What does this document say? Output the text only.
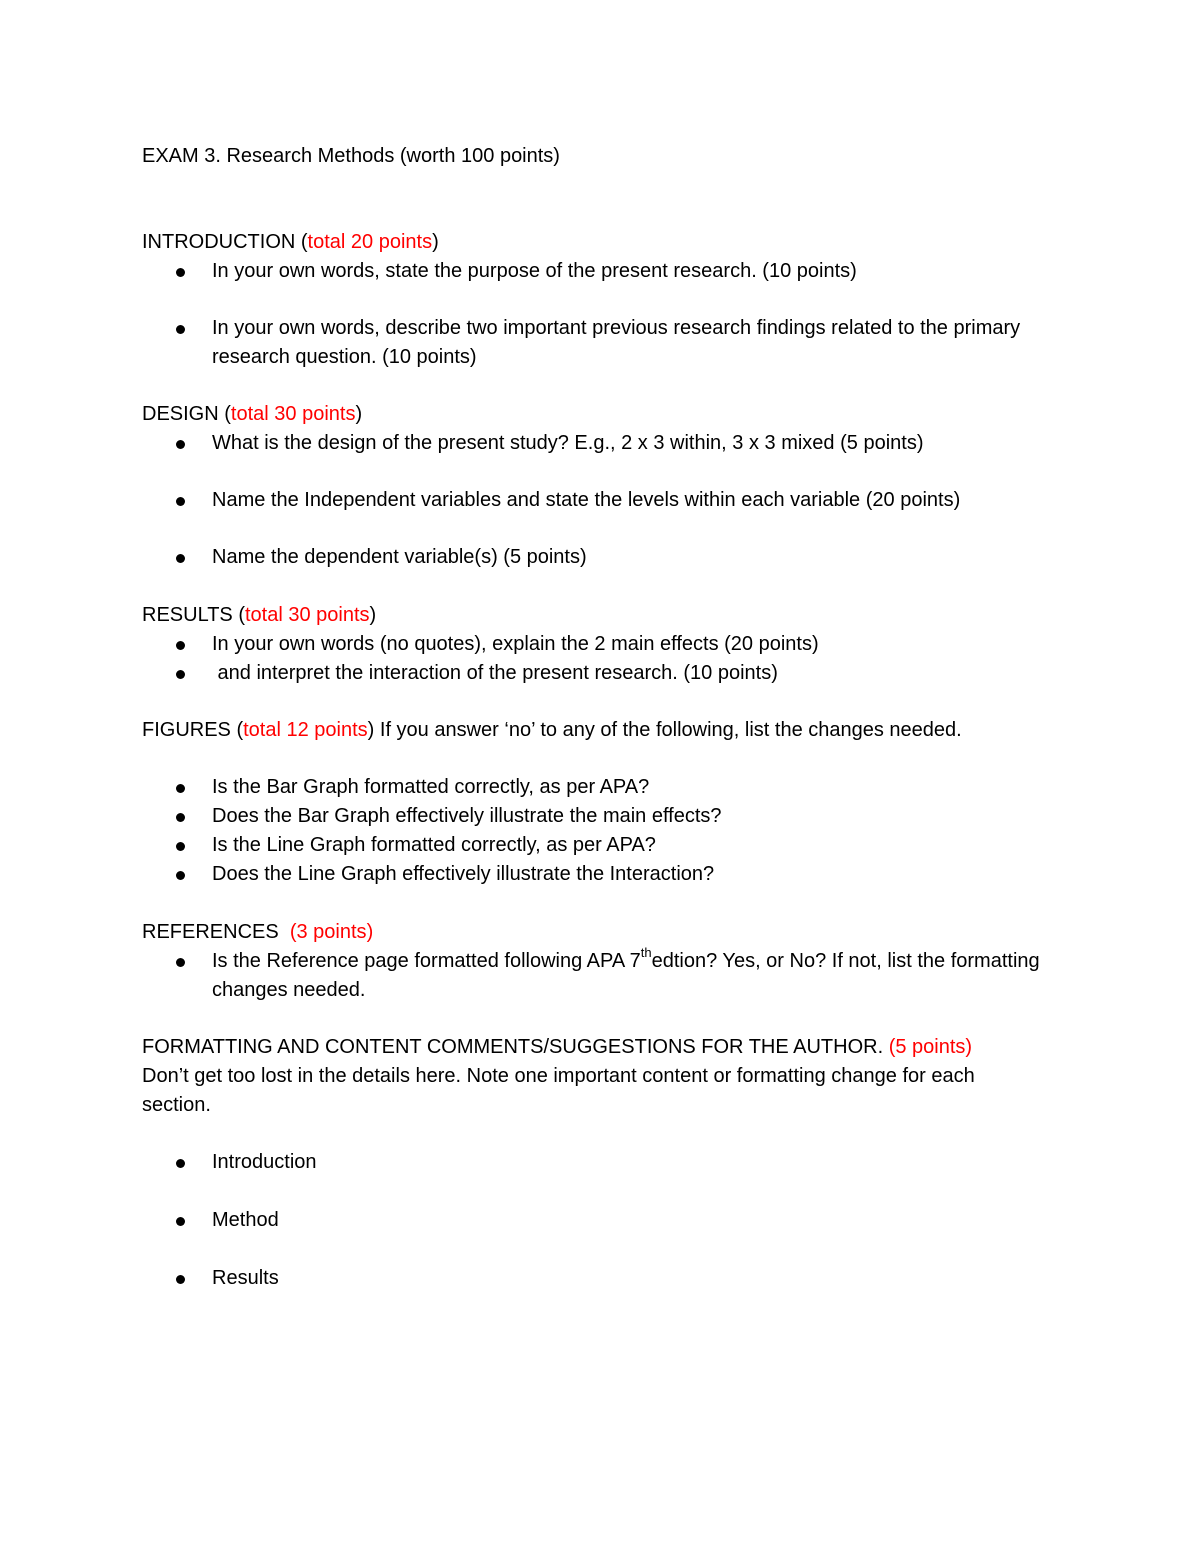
EXAM 3. Research Methods (worth 100 points)

INTRODUCTION (total 20 points)

In your own words, state the purpose of the present research. (10 points)
In your own words, describe two important previous research findings related to the primary research question. (10 points)

DESIGN (total 30 points)

What is the design of the present study? E.g., 2 x 3 within, 3 x 3 mixed (5 points)
Name the Independent variables and state the levels within each variable (20 points)
Name the dependent variable(s) (5 points)

RESULTS (total 30 points)

In your own words (no quotes), explain the 2 main effects (20 points)
and interpret the interaction of the present research. (10 points)

FIGURES (total 12 points) If you answer ‘no’ to any of the following, list the changes needed.

Is the Bar Graph formatted correctly, as per APA?
Does the Bar Graph effectively illustrate the main effects?
Is the Line Graph formatted correctly, as per APA?
Does the Line Graph effectively illustrate the Interaction?

REFERENCES (3 points)

Is the Reference page formatted following APA 7thedtion? Yes, or No? If not, list the formatting changes needed.

FORMATTING AND CONTENT COMMENTS/SUGGESTIONS FOR THE AUTHOR. (5 points)

Don’t get too lost in the details here. Note one important content or formatting change for each section.

Introduction
Method
Results
